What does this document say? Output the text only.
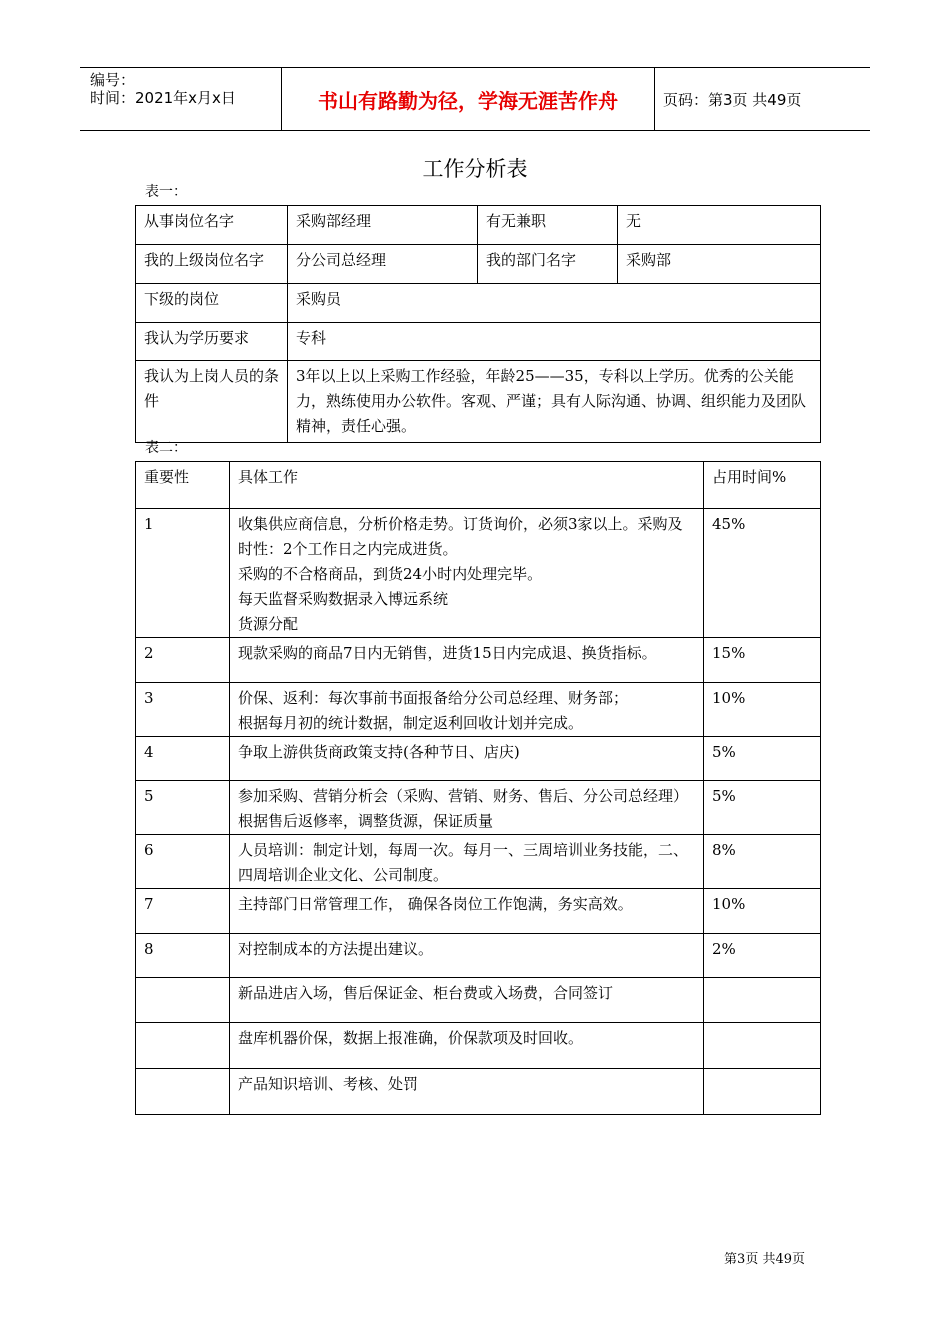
编号：
时间：2021年x月x日	书山有路勤为径，学海无涯苦作舟	页码：第3页 共49页
工作分析表
表一：
从事岗位名字	采购部经理	有无兼职	无
我的上级岗位名字	分公司总经理	我的部门名字	采购部
下级的岗位	采购员		
我认为学历要求	专科		
我认为上岗人员的条件	3年以上以上采购工作经验，年龄25——35，专科以上学历。优秀的公关能力，熟练使用办公软件。客观、严谨；具有人际沟通、协调、组织能力及团队精神，责任心强。		
表二：
重要性	具体工作	占用时间%
1	收集供应商信息，分析价格走势。订货询价，必须3家以上。采购及时性：2个工作日之内完成进货。
采购的不合格商品，到货24小时内处理完毕。
每天监督采购数据录入博远系统
货源分配	45%
2	现款采购的商品7日内无销售，进货15日内完成退、换货指标。	15%
3	价保、返利：每次事前书面报备给分公司总经理、财务部；
根据每月初的统计数据，制定返利回收计划并完成。	10%
4	争取上游供货商政策支持(各种节日、店庆)	5%
5	参加采购、营销分析会（采购、营销、财务、售后、分公司总经理）根据售后返修率，调整货源，保证质量	5%
6	人员培训：制定计划，每周一次。每月一、三周培训业务技能，二、四周培训企业文化、公司制度。	8%
7	主持部门日常管理工作， 确保各岗位工作饱满，务实高效。	10%
8	对控制成本的方法提出建议。	2%
	新品进店入场，售后保证金、柜台费或入场费，合同签订	
	盘库机器价保，数据上报准确，价保款项及时回收。	
	产品知识培训、考核、处罚	
第3页 共49页
